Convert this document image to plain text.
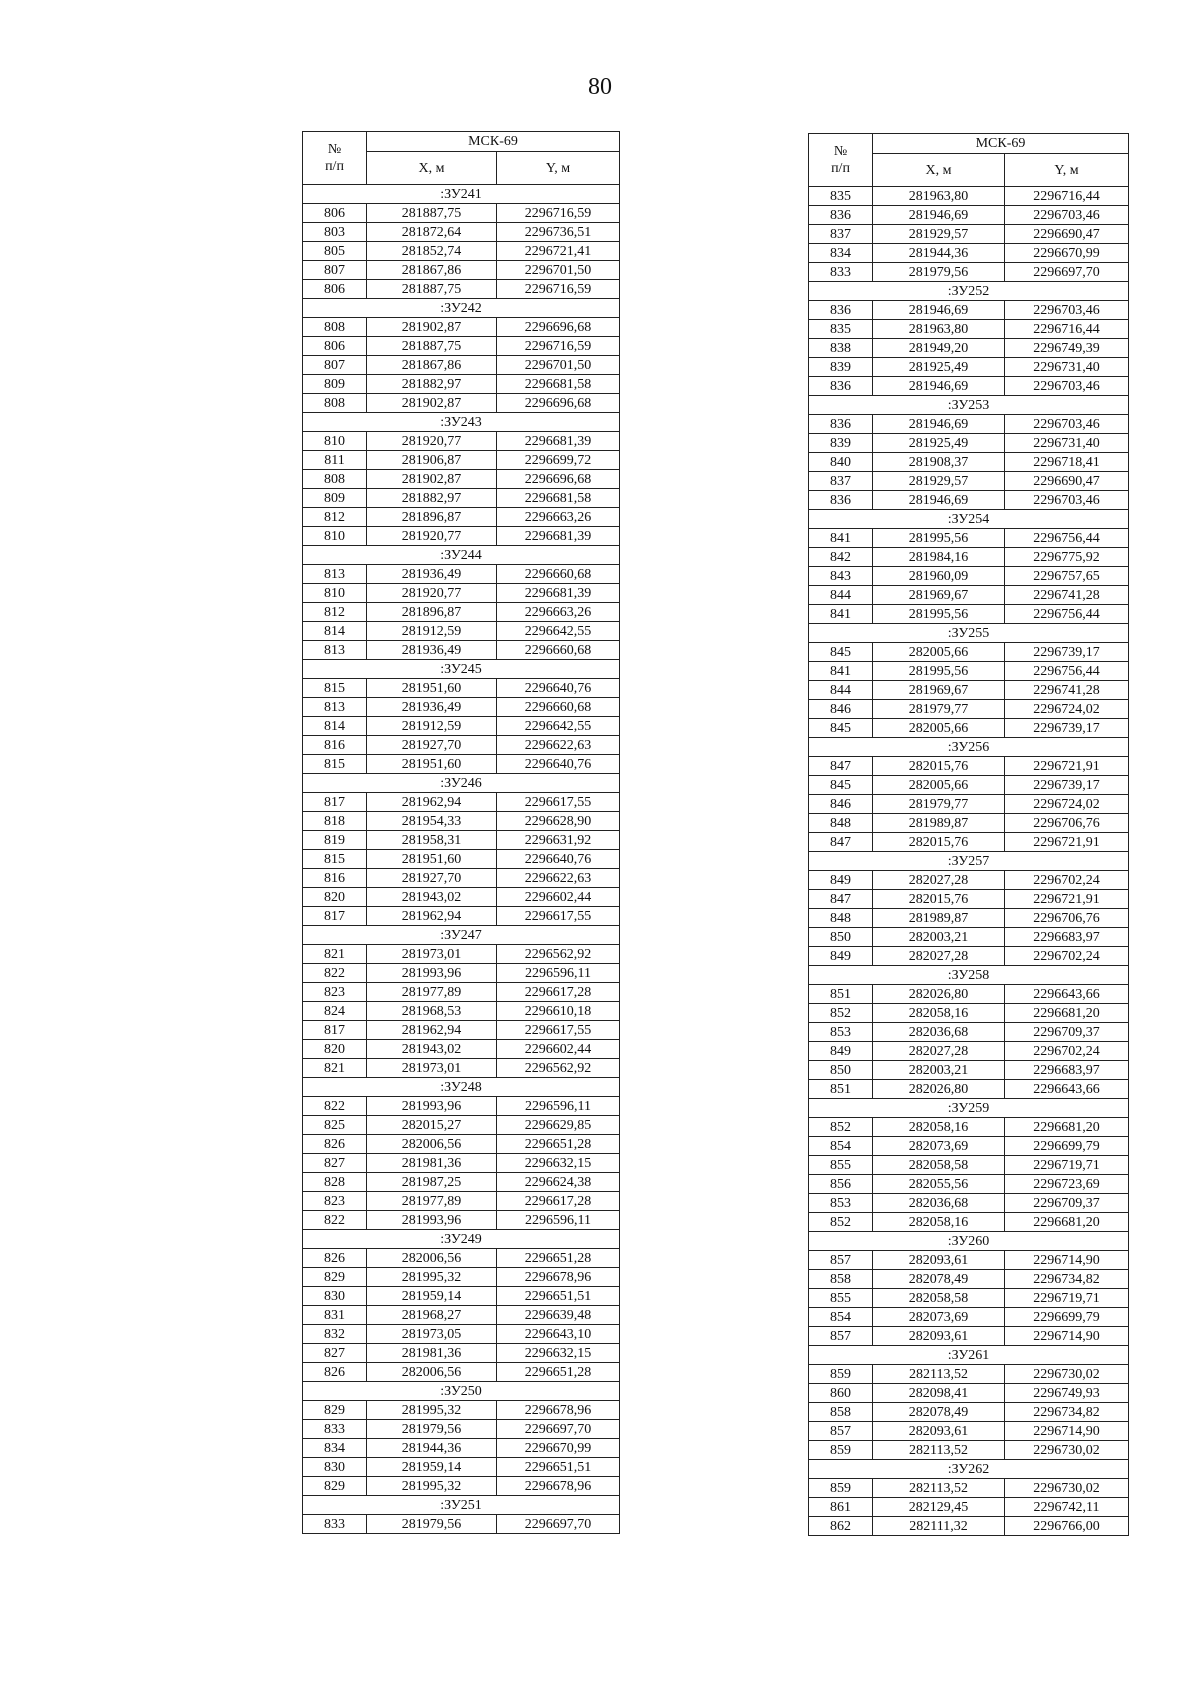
80
№
п/п	МСК-69	
	X, м	Y, м
:ЗУ241		
806	281887,75	2296716,59
803	281872,64	2296736,51
805	281852,74	2296721,41
807	281867,86	2296701,50
806	281887,75	2296716,59
:ЗУ242		
808	281902,87	2296696,68
806	281887,75	2296716,59
807	281867,86	2296701,50
809	281882,97	2296681,58
808	281902,87	2296696,68
:ЗУ243		
810	281920,77	2296681,39
811	281906,87	2296699,72
808	281902,87	2296696,68
809	281882,97	2296681,58
812	281896,87	2296663,26
810	281920,77	2296681,39
:ЗУ244		
813	281936,49	2296660,68
810	281920,77	2296681,39
812	281896,87	2296663,26
814	281912,59	2296642,55
813	281936,49	2296660,68
:ЗУ245		
815	281951,60	2296640,76
813	281936,49	2296660,68
814	281912,59	2296642,55
816	281927,70	2296622,63
815	281951,60	2296640,76
:ЗУ246		
817	281962,94	2296617,55
818	281954,33	2296628,90
819	281958,31	2296631,92
815	281951,60	2296640,76
816	281927,70	2296622,63
820	281943,02	2296602,44
817	281962,94	2296617,55
:ЗУ247		
821	281973,01	2296562,92
822	281993,96	2296596,11
823	281977,89	2296617,28
824	281968,53	2296610,18
817	281962,94	2296617,55
820	281943,02	2296602,44
821	281973,01	2296562,92
:ЗУ248		
822	281993,96	2296596,11
825	282015,27	2296629,85
826	282006,56	2296651,28
827	281981,36	2296632,15
828	281987,25	2296624,38
823	281977,89	2296617,28
822	281993,96	2296596,11
:ЗУ249		
826	282006,56	2296651,28
829	281995,32	2296678,96
830	281959,14	2296651,51
831	281968,27	2296639,48
832	281973,05	2296643,10
827	281981,36	2296632,15
826	282006,56	2296651,28
:ЗУ250		
829	281995,32	2296678,96
833	281979,56	2296697,70
834	281944,36	2296670,99
830	281959,14	2296651,51
829	281995,32	2296678,96
:ЗУ251		
833	281979,56	2296697,70
№
п/п	МСК-69	
	X, м	Y, м
835	281963,80	2296716,44
836	281946,69	2296703,46
837	281929,57	2296690,47
834	281944,36	2296670,99
833	281979,56	2296697,70
:ЗУ252		
836	281946,69	2296703,46
835	281963,80	2296716,44
838	281949,20	2296749,39
839	281925,49	2296731,40
836	281946,69	2296703,46
:ЗУ253		
836	281946,69	2296703,46
839	281925,49	2296731,40
840	281908,37	2296718,41
837	281929,57	2296690,47
836	281946,69	2296703,46
:ЗУ254		
841	281995,56	2296756,44
842	281984,16	2296775,92
843	281960,09	2296757,65
844	281969,67	2296741,28
841	281995,56	2296756,44
:ЗУ255		
845	282005,66	2296739,17
841	281995,56	2296756,44
844	281969,67	2296741,28
846	281979,77	2296724,02
845	282005,66	2296739,17
:ЗУ256		
847	282015,76	2296721,91
845	282005,66	2296739,17
846	281979,77	2296724,02
848	281989,87	2296706,76
847	282015,76	2296721,91
:ЗУ257		
849	282027,28	2296702,24
847	282015,76	2296721,91
848	281989,87	2296706,76
850	282003,21	2296683,97
849	282027,28	2296702,24
:ЗУ258		
851	282026,80	2296643,66
852	282058,16	2296681,20
853	282036,68	2296709,37
849	282027,28	2296702,24
850	282003,21	2296683,97
851	282026,80	2296643,66
:ЗУ259		
852	282058,16	2296681,20
854	282073,69	2296699,79
855	282058,58	2296719,71
856	282055,56	2296723,69
853	282036,68	2296709,37
852	282058,16	2296681,20
:ЗУ260		
857	282093,61	2296714,90
858	282078,49	2296734,82
855	282058,58	2296719,71
854	282073,69	2296699,79
857	282093,61	2296714,90
:ЗУ261		
859	282113,52	2296730,02
860	282098,41	2296749,93
858	282078,49	2296734,82
857	282093,61	2296714,90
859	282113,52	2296730,02
:ЗУ262		
859	282113,52	2296730,02
861	282129,45	2296742,11
862	282111,32	2296766,00
